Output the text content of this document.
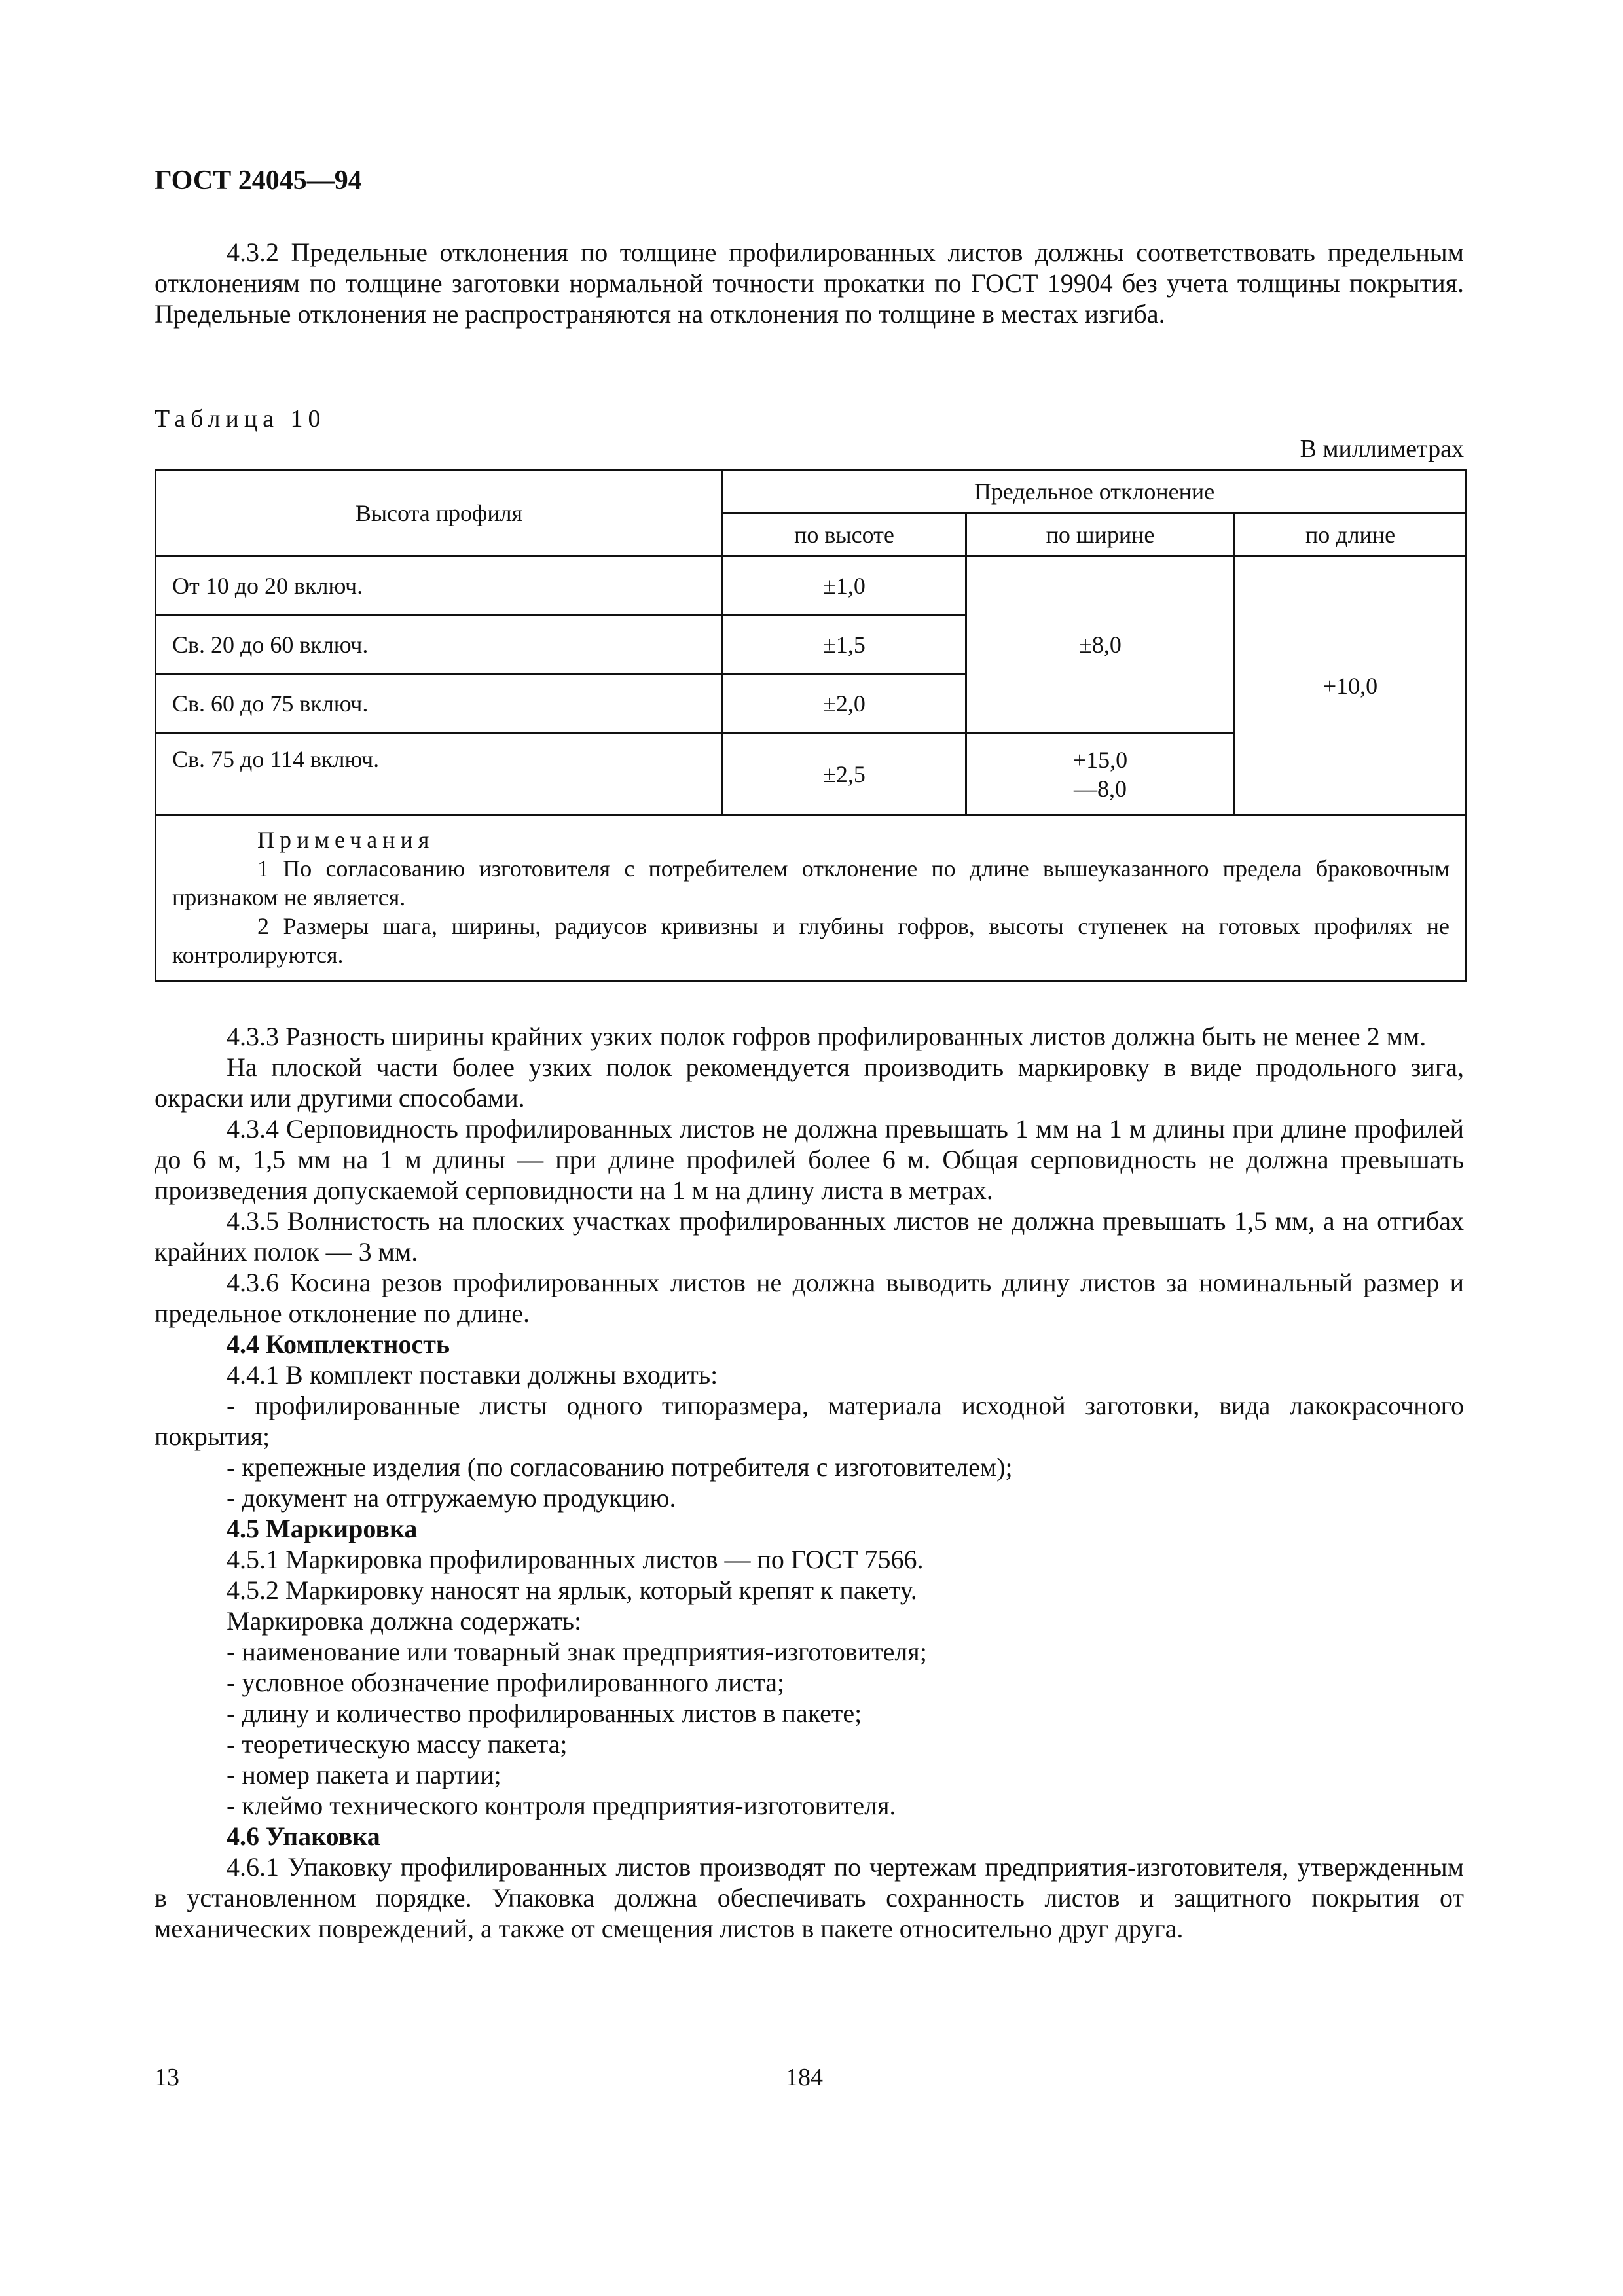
ГОСТ 24045—94

4.3.2 Предельные отклонения по толщине профилированных листов должны соответствовать предельным отклонениям по толщине заготовки нормальной точности прокатки по ГОСТ 19904 без учета толщины покрытия. Предельные отклонения не распространяются на отклонения по толщине в местах изгиба.

Таблица 10
В миллиметрах
Высота профиля	Предельное отклонение		
	по высоте	по ширине	по длине
От 10 до 20 включ.	±1,0	±8,0	+10,0
Св. 20 до 60 включ.	±1,5		
Св. 60 до 75 включ.	±2,0		
Св. 75 до 114 включ.	±2,5	+15,0
—8,0	

Примечания
1 По согласованию изготовителя с потребителем отклонение по длине вышеуказанного предела браковочным признаком не является.
2 Размеры шага, ширины, радиусов кривизны и глубины гофров, высоты ступенек на готовых профилях не контролируются.			

4.3.3 Разность ширины крайних узких полок гофров профилированных листов должна быть не менее 2 мм.

На плоской части более узких полок рекомендуется производить маркировку в виде продольного зига, окраски или другими способами.

4.3.4 Серповидность профилированных листов не должна превышать 1 мм на 1 м длины при длине профилей до 6 м, 1,5 мм на 1 м длины — при длине профилей более 6 м. Общая серповидность не должна превышать произведения допускаемой серповидности на 1 м на длину листа в метрах.

4.3.5 Волнистость на плоских участках профилированных листов не должна превышать 1,5 мм, а на отгибах крайних полок — 3 мм.

4.3.6 Косина резов профилированных листов не должна выводить длину листов за номинальный размер и предельное отклонение по длине.

4.4 Комплектность

4.4.1 В комплект поставки должны входить:

- профилированные листы одного типоразмера, материала исходной заготовки, вида лакокрасочного покрытия;

- крепежные изделия (по согласованию потребителя с изготовителем);

- документ на отгружаемую продукцию.

4.5 Маркировка

4.5.1 Маркировка профилированных листов — по ГОСТ 7566.

4.5.2 Маркировку наносят на ярлык, который крепят к пакету.

Маркировка должна содержать:

- наименование или товарный знак предприятия-изготовителя;

- условное обозначение профилированного листа;

- длину и количество профилированных листов в пакете;

- теоретическую массу пакета;

- номер пакета и партии;

- клеймо технического контроля предприятия-изготовителя.

4.6 Упаковка

4.6.1 Упаковку профилированных листов производят по чертежам предприятия-изготовителя, утвержденным в установленном порядке. Упаковка должна обеспечивать сохранность листов и защитного покрытия от механических повреждений, а также от смещения листов в пакете относительно друг друга.

13	184
